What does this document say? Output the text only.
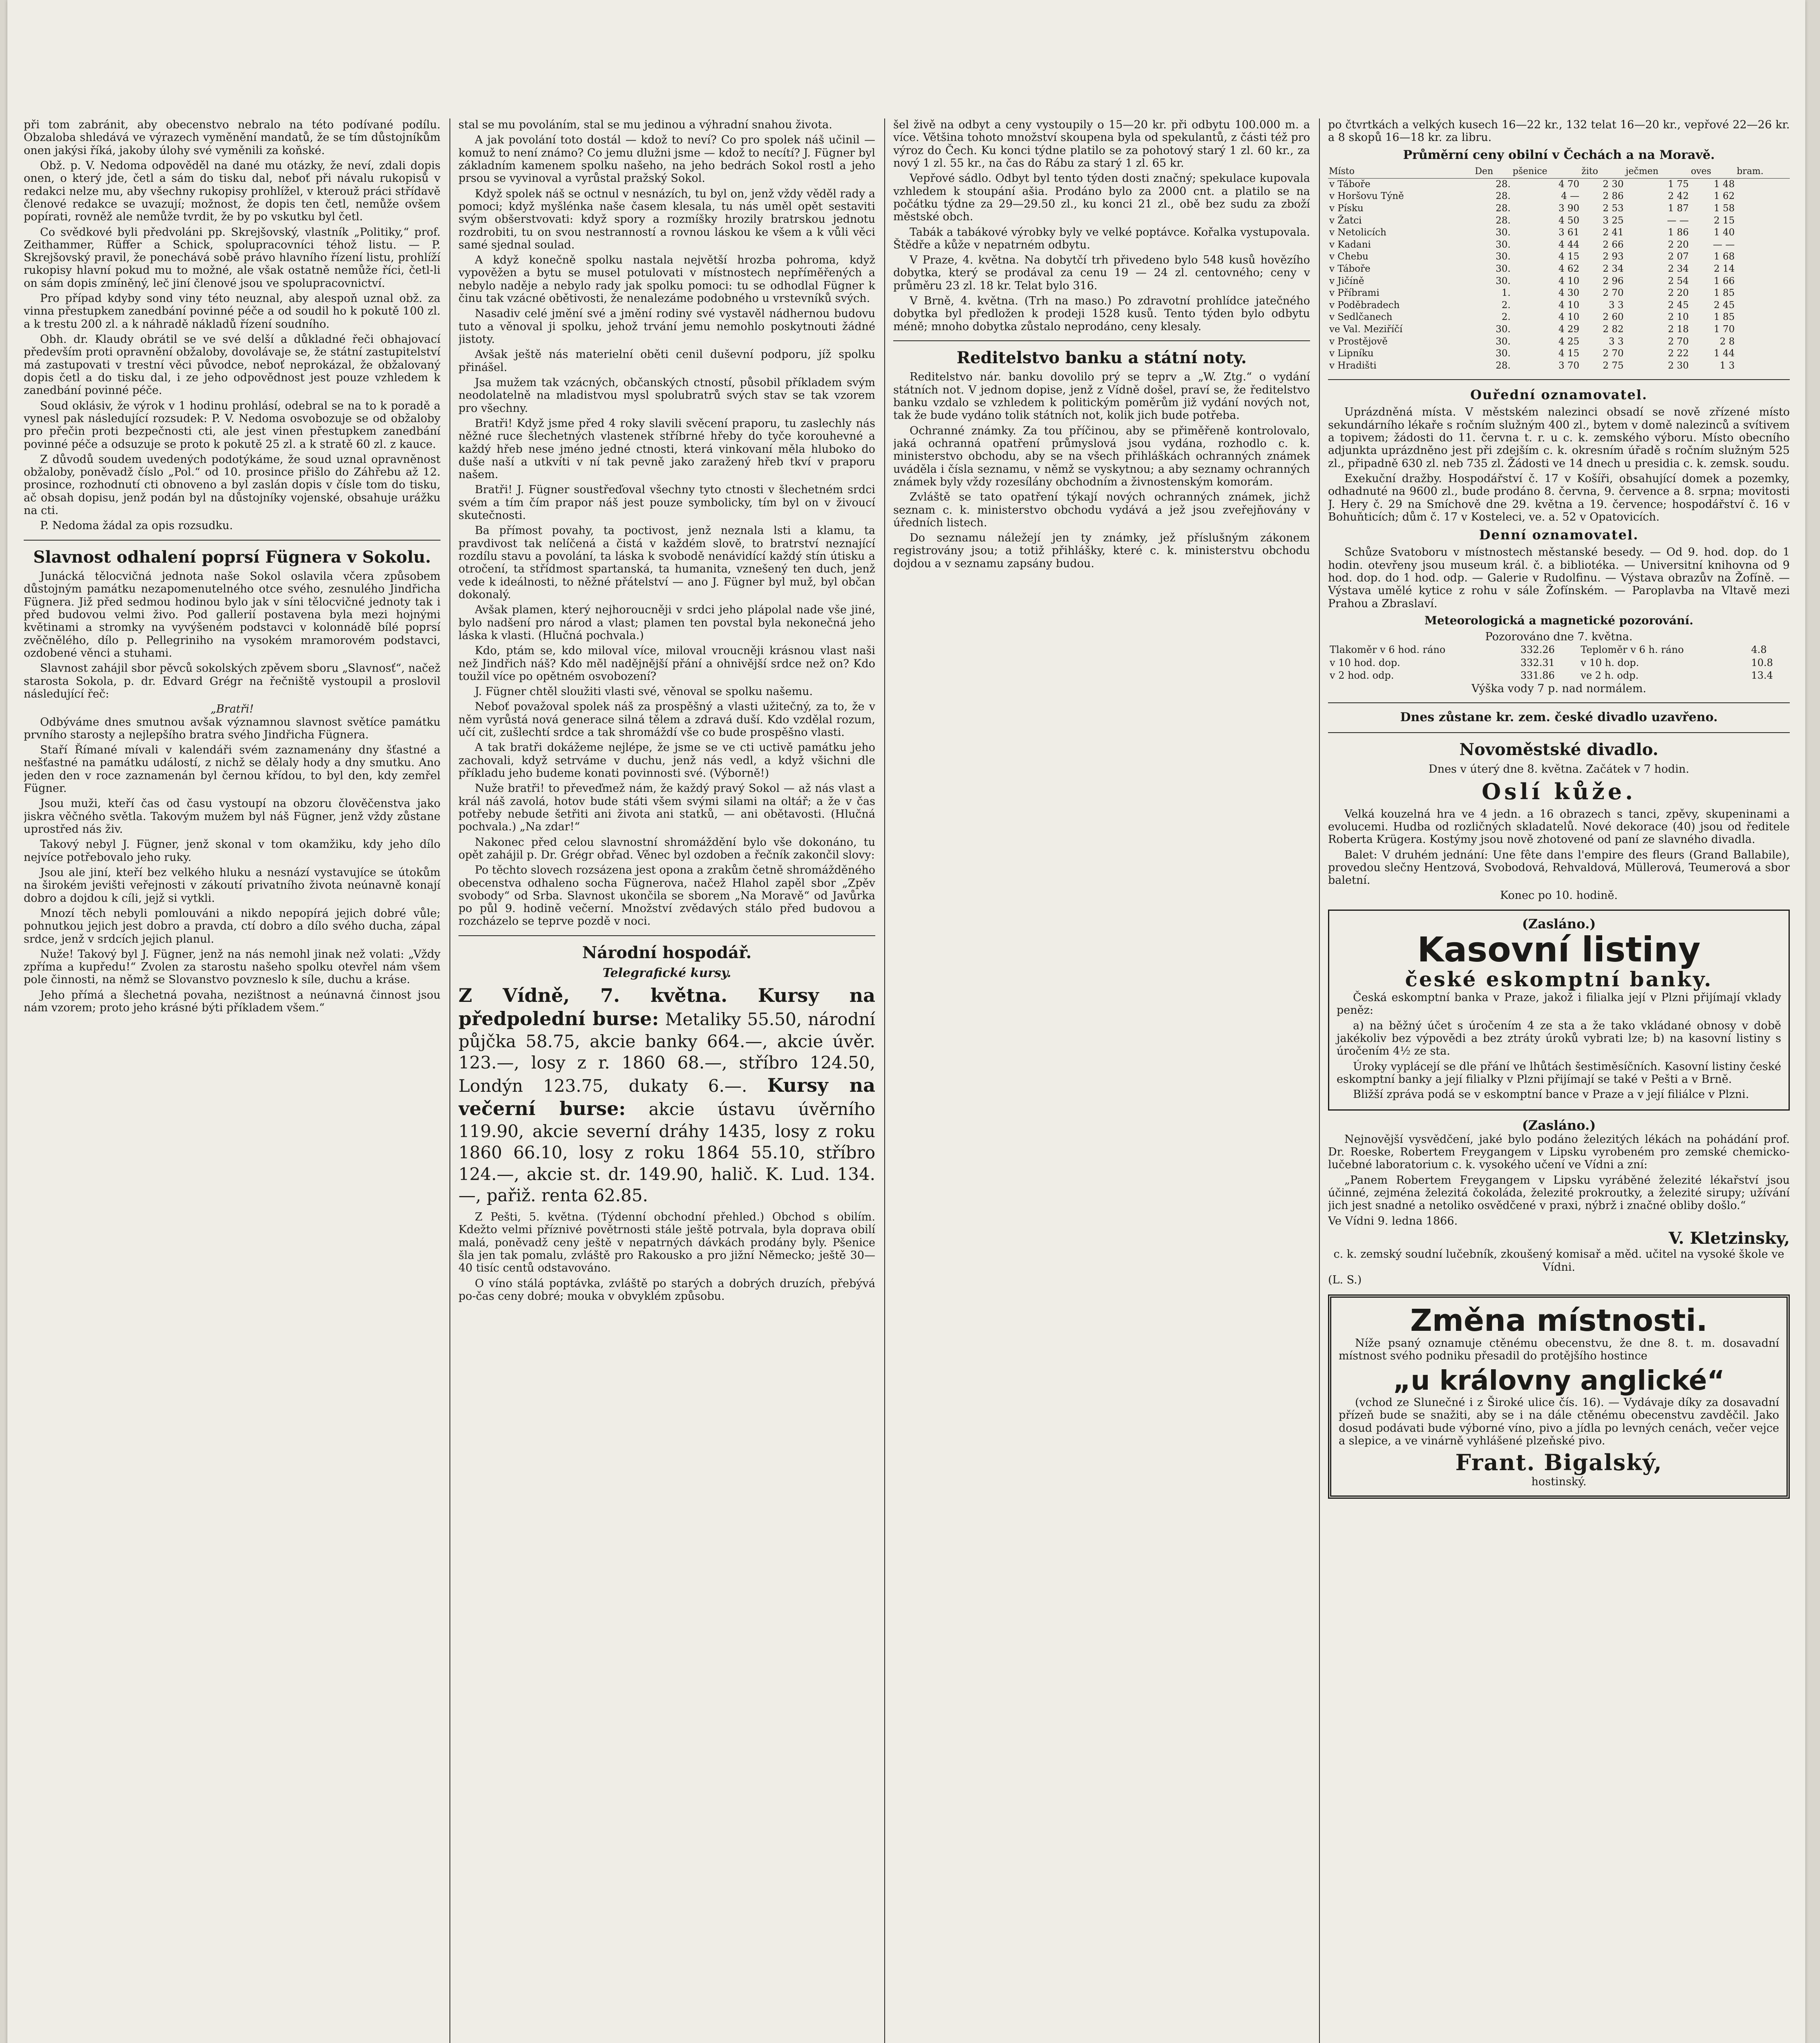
při tom zabránit, aby obecenstvo nebralo na této podívané podílu. Obzaloba shledává ve výrazech vyměnění mandatů, že se tím důstojníkům onen jakýsi říká, jakoby úlohy své vyměnili za koňské.

Obž. p. V. Nedoma odpověděl na dané mu otázky, že neví, zdali dopis onen, o který jde, četl a sám do tisku dal, neboť při návalu rukopisů v redakci nelze mu, aby všechny rukopisy prohlížel, v kterouž práci střídavě členové redakce se uvazují; možnost, že dopis ten četl, nemůže ovšem popírati, rovněž ale nemůže tvrdit, že by po vskutku byl četl.

Co svědkové byli předvoláni pp. Skrejšovský, vlastník „Politiky,“ prof. Zeithammer, Rüffer a Schick, spolupracovníci téhož listu. — P. Skrejšovský pravil, že ponechává sobě právo hlavního řízení listu, prohlíží rukopisy hlavní pokud mu to možné, ale však ostatně nemůže říci, četl-li on sám dopis zmíněný, leč jiní členové jsou ve spolupracovnictví.

Pro případ kdyby sond viny této neuznal, aby alespoň uznal obž. za vinna přestupkem zanedbání povinné péče a od soudil ho k pokutě 100 zl. a k trestu 200 zl. a k náhradě nákladů řízení soudního.

Obh. dr. Klaudy obrátil se ve své delší a důkladné řeči obhajovací především proti opravnění obžaloby, dovolávaje se, že státní zastupitelství má zastupovati v trestní věci původce, neboť neprokázal, že obžalovaný dopis četl a do tisku dal, i ze jeho odpovědnost jest pouze vzhledem k zanedbání povinné péče.

Soud oklásiv, že výrok v 1 hodinu prohlásí, odebral se na to k poradě a vynesl pak následující rozsudek: P. V. Nedoma osvobozuje se od obžaloby pro přečin proti bezpečnosti cti, ale jest vinen přestupkem zanedbání povinné péče a odsuzuje se proto k pokutě 25 zl. a k stratě 60 zl. z kauce.

Z důvodů soudem uvedených podotýkáme, že soud uznal opravněnost obžaloby, poněvadž číslo „Pol.“ od 10. prosince přišlo do Záhřebu až 12. prosince, rozhodnutí cti obnoveno a byl zaslán dopis v čísle tom do tisku, ač obsah dopisu, jenž podán byl na důstojníky vojenské, obsahuje urážku na cti.

P. Nedoma žádal za opis rozsudku.

Slavnost odhalení poprsí Fügnera v Sokolu.

Junácká tělocvičná jednota naše Sokol oslavila včera způsobem důstojným památku nezapomenutelného otce svého, zesnulého Jindřicha Fügnera. Již před sedmou hodinou bylo jak v síni tělocvičné jednoty tak i před budovou velmi živo. Pod gallerií postavena byla mezi hojnými květinami a stromky na vyvýšeném podstavci v kolonnádě bílé poprsí zvěčnělého, dílo p. Pellegriniho na vysokém mramorovém podstavci, ozdobené věnci a stuhami.

Slavnost zahájil sbor pěvců sokolských zpěvem sboru „Slavnosť“, načež starosta Sokola, p. dr. Edvard Grégr na řečniště vystoupil a proslovil následující řeč:

„Bratři!

Odbýváme dnes smutnou avšak významnou slavnost světíce památku prvního starosty a nejlepšího bratra svého Jindřicha Fügnera.

Staří Římané mívali v kalendáři svém zaznamenány dny šťastné a nešťastné na památku událostí, z nichž se dělaly hody a dny smutku. Ano jeden den v roce zaznamenán byl černou křídou, to byl den, kdy zemřel Fügner.

Jsou muži, kteří čas od času vystoupí na obzoru člověčenstva jako jiskra věčného světla. Takovým mužem byl náš Fügner, jenž vždy zůstane uprostřed nás živ.

Takový nebyl J. Fügner, jenž skonal v tom okamžiku, kdy jeho dílo nejvíce potřebovalo jeho ruky.

Jsou ale jiní, kteří bez velkého hluku a nesnází vystavujíce se útokům na širokém jevišti veřejnosti v zákoutí privatního života neúnavně konají dobro a dojdou k cíli, jejž si vytkli.

Mnozí těch nebyli pomlouváni a nikdo nepopírá jejich dobré vůle; pohnutkou jejich jest dobro a pravda, ctí dobro a dílo svého ducha, zápal srdce, jenž v srdcích jejich planul.

Nuže! Takový byl J. Fügner, jenž na nás nemohl jinak než volati: „Vždy zpříma a kupředu!“ Zvolen za starostu našeho spolku otevřel nám všem pole činnosti, na němž se Slovanstvo povzneslo k síle, duchu a kráse.

Jeho přímá a šlechetná povaha, nezištnost a neúnavná činnost jsou nám vzorem; proto jeho krásné býti příkladem všem.“

stal se mu povoláním, stal se mu jedinou a výhradní snahou života.

A jak povolání toto dostál — kdož to neví? Co pro spolek náš učinil — komuž to není známo? Co jemu dlužni jsme — kdož to necítí? J. Fügner byl základním kamenem spolku našeho, na jeho bedrách Sokol rostl a jeho prsou se vyvinoval a vyrůstal pražský Sokol.

Když spolek náš se octnul v nesnázích, tu byl on, jenž vždy věděl rady a pomoci; když myšlénka naše časem klesala, tu nás uměl opět sestaviti svým obšerstvovati: když spory a rozmíšky hrozily bratrskou jednotu rozdrobiti, tu on svou nestranností a rovnou láskou ke všem a k vůli věci samé sjednal soulad.

A když konečně spolku nastala největší hrozba pohroma, když vypověžen a bytu se musel potulovati v místnostech nepříměřených a nebylo naděje a nebylo rady jak spolku pomoci: tu se odhodlal Fügner k činu tak vzácné obětivosti, že nenalezáme podobného u vrstevníků svých.

Nasadiv celé jmění své a jmění rodiny své vystavěl nádhernou budovu tuto a věnoval ji spolku, jehož trvání jemu nemohlo poskytnouti žádné jistoty.

Avšak ještě nás materielní oběti cenil duševní podporu, jíž spolku přinášel.

Jsa mužem tak vzácných, občanských ctností, působil příkladem svým neodolatelně na mladistvou mysl spolubratrů svých stav se tak vzorem pro všechny.

Bratři! Když jsme před 4 roky slavili svěcení praporu, tu zaslechly nás něžné ruce šlechetných vlastenek stříbrné hřeby do tyče korouhevné a každý hřeb nese jméno jedné ctnosti, která vinkovaní měla hluboko do duše naší a utkvíti v ní tak pevně jako zaražený hřeb tkví v praporu našem.

Bratři! J. Fügner soustřeďoval všechny tyto ctnosti v šlechetném srdci svém a tím čím prapor náš jest pouze symbolicky, tím byl on v živoucí skutečnosti.

Ba přímost povahy, ta poctivost, jenž neznala lsti a klamu, ta pravdivost tak nelíčená a čistá v každém slově, to bratrství neznající rozdílu stavu a povolání, ta láska k svobodě nenávidící každý stín útisku a otročení, ta střídmost spartanská, ta humanita, vznešený ten duch, jenž vede k ideálnosti, to něžné přátelství — ano J. Fügner byl muž, byl občan dokonalý.

Avšak plamen, který nejhoroucněji v srdci jeho plápolal nade vše jiné, bylo nadšení pro národ a vlast; plamen ten povstal byla nekonečná jeho láska k vlasti. (Hlučná pochvala.)

Kdo, ptám se, kdo miloval více, miloval vroucněji krásnou vlast naši než Jindřich náš? Kdo měl nadějnější přání a ohnivější srdce než on? Kdo toužil více po opětném osvobození?

J. Fügner chtěl sloužiti vlasti své, věnoval se spolku našemu.

Neboť považoval spolek náš za prospěšný a vlasti užitečný, za to, že v něm vyrůstá nová generace silná tělem a zdravá duší. Kdo vzdělal rozum, učí cit, zušlechtí srdce a tak shromáždí vše co bude prospěšno vlasti.

A tak bratři dokážeme nejlépe, že jsme se ve cti uctivě památku jeho zachovali, když setrváme v duchu, jenž nás vedl, a když všichni dle příkladu jeho budeme konati povinnosti své. (Výborně!)

Nuže bratři! to převeďmež nám, že každý pravý Sokol — až nás vlast a král náš zavolá, hotov bude státi všem svými silami na oltář; a že v čas potřeby nebude šetřiti ani života ani statků, — ani obětavosti. (Hlučná pochvala.) „Na zdar!“

Nakonec před celou slavnostní shromáždění bylo vše dokonáno, tu opět zahájil p. Dr. Grégr obřad. Věnec byl ozdoben a řečník zakončil slovy:

Po těchto slovech rozsázena jest opona a zrakům četně shromážděného obecenstva odhaleno socha Fügnerova, načež Hlahol zapěl sbor „Zpěv svobody“ od Srba. Slavnost ukončila se sborem „Na Moravě“ od Javůrka po půl 9. hodině večerní. Množství zvědavých stálo před budovou a rozcházelo se teprve pozdě v noci.

Národní hospodář.
Telegrafické kursy.
Z Vídně, 7. května. Kursy na předpolední burse: Metaliky 55.50, národní půjčka 58.75, akcie banky 664.—, akcie úvěr. 123.—, losy z r. 1860 68.—, stříbro 124.50, Londýn 123.75, dukaty 6.—. Kursy na večerní burse: akcie ústavu úvěrního 119.90, akcie severní dráhy 1435, losy z roku 1860 66.10, losy z roku 1864 55.10, stříbro 124.—, akcie st. dr. 149.90, halič. K. Lud. 134.—, pařiž. renta 62.85.

Z Pešti, 5. května. (Týdenní obchodní přehled.) Obchod s obilím. Kdežto velmi příznivé povětrnosti stále ještě potrvala, byla doprava obilí malá, poněvadž ceny ještě v nepatrných dávkách prodány byly. Pšenice šla jen tak pomalu, zvláště pro Rakousko a pro jižní Německo; ještě 30—40 tisíc centů odstavováno.

O víno stálá poptávka, zvláště po starých a dobrých druzích, přebývá po-čas ceny dobré; mouka v obvyklém způsobu.

šel živě na odbyt a ceny vystoupily o 15—20 kr. při odbytu 100.000 m. a více. Většina tohoto množství skoupena byla od spekulantů, z části též pro výroz do Čech. Ku konci týdne platilo se za pohotový starý 1 zl. 60 kr., za nový 1 zl. 55 kr., na čas do Rábu za starý 1 zl. 65 kr.

Vepřové sádlo. Odbyt byl tento týden dosti značný; spekulace kupovala vzhledem k stoupání ašia. Prodáno bylo za 2000 cnt. a platilo se na počátku týdne za 29—29.50 zl., ku konci 21 zl., obě bez sudu za zboží městské obch.

Tabák a tabákové výrobky byly ve velké poptávce. Kořalka vystupovala. Štědře a kůže v nepatrném odbytu.

V Praze, 4. května. Na dobytčí trh přivedeno bylo 548 kusů hovězího dobytka, který se prodával za cenu 19 — 24 zl. centovného; ceny v průměru 23 zl. 18 kr. Telat bylo 316.

V Brně, 4. května. (Trh na maso.) Po zdravotní prohlídce jatečného dobytka byl předložen k prodeji 1528 kusů. Tento týden bylo odbytu méně; mnoho dobytka zůstalo neprodáno, ceny klesaly.

Reditelstvo banku a státní noty.

Reditelstvo nár. banku dovolilo prý se teprv a „W. Ztg.“ o vydání státních not. V jednom dopise, jenž z Vídně došel, praví se, že ředitelstvo banku vzdalo se vzhledem k politickým poměrům již vydání nových not, tak že bude vydáno tolik státních not, kolik jich bude potřeba.

Ochranné známky. Za tou příčinou, aby se přiměřeně kontrolovalo, jaká ochranná opatření průmyslová jsou vydána, rozhodlo c. k. ministerstvo obchodu, aby se na všech přihláškách ochranných známek uváděla i čísla seznamu, v němž se vyskytnou; a aby seznamy ochranných známek byly vždy rozesílány obchodním a živnostenským komorám.

Zvláště se tato opatření týkají nových ochranných známek, jichž seznam c. k. ministerstvo obchodu vydává a jež jsou zveřejňovány v úředních listech.

Do seznamu náležejí jen ty známky, jež příslušným zákonem registrovány jsou; a totiž přihlášky, které c. k. ministerstvu obchodu dojdou a v seznamu zapsány budou.

po čtvrtkách a velkých kusech 16—22 kr., 132 telat 16—20 kr., vepřové 22—26 kr. a 8 skopů 16—18 kr. za libru.

Průměrní ceny obilní v Čechách a na Moravě.
Místo	Den	pšenice	žito	ječmen	oves	bram.
v Táboře	28.	4 70	2 30	1 75	1 48	
v Horšovu Týně	28.	4 —	2 86	2 42	1 62	
v Písku	28.	3 90	2 53	1 87	1 58	
v Žatci	28.	4 50	3 25	— —	2 15	
v Netolicích	30.	3 61	2 41	1 86	1 40	
v Kadani	30.	4 44	2 66	2 20	— —	
v Chebu	30.	4 15	2 93	2 07	1 68	
v Táboře	30.	4 62	2 34	2 34	2 14	
v Jičíně	30.	4 10	2 96	2 54	1 66	
v Příbrami	1.	4 30	2 70	2 20	1 85	
v Poděbradech	2.	4 10	3 3	2 45	2 45	
v Sedlčanech	2.	4 10	2 60	2 10	1 85	
ve Val. Meziříčí	30.	4 29	2 82	2 18	1 70	
v Prostějově	30.	4 25	3 3	2 70	2 8	
v Lipníku	30.	4 15	2 70	2 22	1 44	
v Hradišti	28.	3 70	2 75	2 30	1 3	
Ouřední oznamovatel.

Uprázdněná místa. V městském nalezinci obsadí se nově zřízené místo sekundárního lékaře s ročním služným 400 zl., bytem v domě nalezinců a svítivem a topivem; žádosti do 11. června t. r. u c. k. zemského výboru. Místo obecního adjunkta uprázdněno jest při zdejším c. k. okresním úřadě s ročním služným 525 zl., připadně 630 zl. neb 735 zl. Žádosti ve 14 dnech u presidia c. k. zemsk. soudu.

Exekuční dražby. Hospodářství č. 17 v Košíři, obsahující domek a pozemky, odhadnuté na 9600 zl., bude prodáno 8. června, 9. července a 8. srpna; movitosti J. Hery č. 29 na Smíchově dne 29. května a 19. července; hospodářství č. 16 v Bohuňticích; dům č. 17 v Kosteleci, ve. a. 52 v Opatovicích.

Denní oznamovatel.

Schůze Svatoboru v místnostech městanské besedy. — Od 9. hod. dop. do 1 hodin. otevřeny jsou museum král. č. a bibliotéka. — Universitní knihovna od 9 hod. dop. do 1 hod. odp. — Galerie v Rudolfinu. — Výstava obrazův na Žofíně. — Výstava umělé kytice z rohu v sále Žofínském. — Paroplavba na Vltavě mezi Prahou a Zbraslaví.

Meteorologická a magnetické pozorování.
Pozorováno dne 7. května.
Tlakoměr v 6 hod. ráno	332.26	Teploměr v 6 h. ráno	4.8
v 10 hod. dop.	332.31	v 10 h. dop.	10.8
v 2 hod. odp.	331.86	ve 2 h. odp.	13.4
Výška vody 7 p. nad normálem.
Dnes zůstane kr. zem. české divadlo uzavřeno.
Novoměstské divadlo.
Dnes v úterý dne 8. května. Začátek v 7 hodin.
Oslí kůže.

Velká kouzelná hra ve 4 jedn. a 16 obrazech s tanci, zpěvy, skupeninami a evolucemi. Hudba od rozličných skladatelů. Nové dekorace (40) jsou od ředitele Roberta Krügera. Kostýmy jsou nově zhotovené od paní ze slavného divadla.

Balet: V druhém jednání: Une fête dans l'empire des fleurs (Grand Ballabile), provedou slečny Hentzová, Svobodová, Rehvaldová, Müllerová, Teumerová a sbor baletní.

Konec po 10. hodině.
(Zasláno.)
Kasovní listiny
české eskomptní banky.

Česká eskomptní banka v Praze, jakož i filialka její v Plzni přijímají vklady peněz:

a) na běžný účet s úročením 4 ze sta a že tako vkládané obnosy v době jakékoliv bez výpovědi a bez ztráty úroků vybrati lze; b) na kasovní listiny s úročením 4½ ze sta.

Úroky vyplácejí se dle přání ve lhůtách šestiměsíčních. Kasovní listiny české eskomptní banky a její filialky v Plzni přijímají se také v Pešti a v Brně.

Bližší zpráva podá se v eskomptní bance v Praze a v její filiálce v Plzni.

(Zasláno.)

Nejnovější vysvědčení, jaké bylo podáno železitých lékách na pohádání prof. Dr. Roeske, Robertem Freygangem v Lipsku vyrobeném pro zemské chemicko-lučebné laboratorium c. k. vysokého učení ve Vídni a zní:

„Panem Robertem Freygangem v Lipsku vyráběné železité lékařství jsou účinné, zejména železitá čokoláda, železité prokroutky, a železité sirupy; užívání jich jest snadné a netoliko osvědčené v praxi, nýbrž i značné obliby došlo.“

Ve Vídni 9. ledna 1866.
V. Kletzinsky,
c. k. zemský soudní lučebník, zkoušený komisař a měd. učitel na vysoké škole ve Vídni.
(L. S.)
Změna místnosti.

Níže psaný oznamuje ctěnému obecenstvu, že dne 8. t. m. dosavadní místnost svého podniku přesadil do protějšího hostince

„u královny anglické“

(vchod ze Slunečné i z Široké ulice čís. 16). — Vydávaje díky za dosavadní přízeň bude se snažiti, aby se i na dále ctěnému obecenstvu zavděčil. Jako dosud podávati bude výborné víno, pivo a jídla po levných cenách, večer vejce a slepice, a ve vinárně vyhlášené plzeňské pivo.

Frant. Bigalský,
hostinský.
